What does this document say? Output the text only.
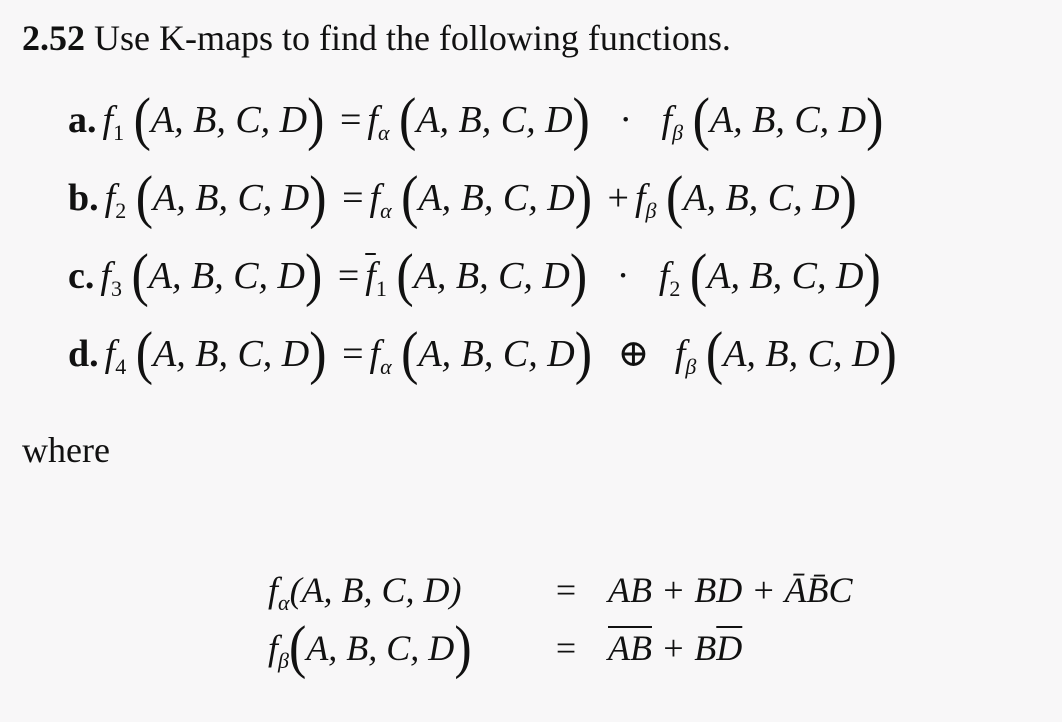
2.52 Use K-maps to find the following functions.
a. $f_1$ (A, B, C, $D) = f_\alpha$ (A, B, C, $D) \cdot f_\beta$ (A, B, C, D)
b. $f_2$ (A, B, C, $D) = f_\alpha$ (A, B, C, $D) + f_\beta$ (A, B, C, D)
c. $f_3$ (A, B, C, $D) = \overline{f}_1$ (A, B, C, $D) \cdot f_2$ (A, B, C, D)
d. $f_4$ (A, B, C, $D) = f_\alpha$ (A, B, C, D) ⊕ $f_\beta$ (A, B, C, D)
where
$f_\alpha(A$, B, C, D)	= AB + BD + ĀB̄C
$f_\beta(A$, B, C, D)	= $\overline{AB} + B\overline{D}$
